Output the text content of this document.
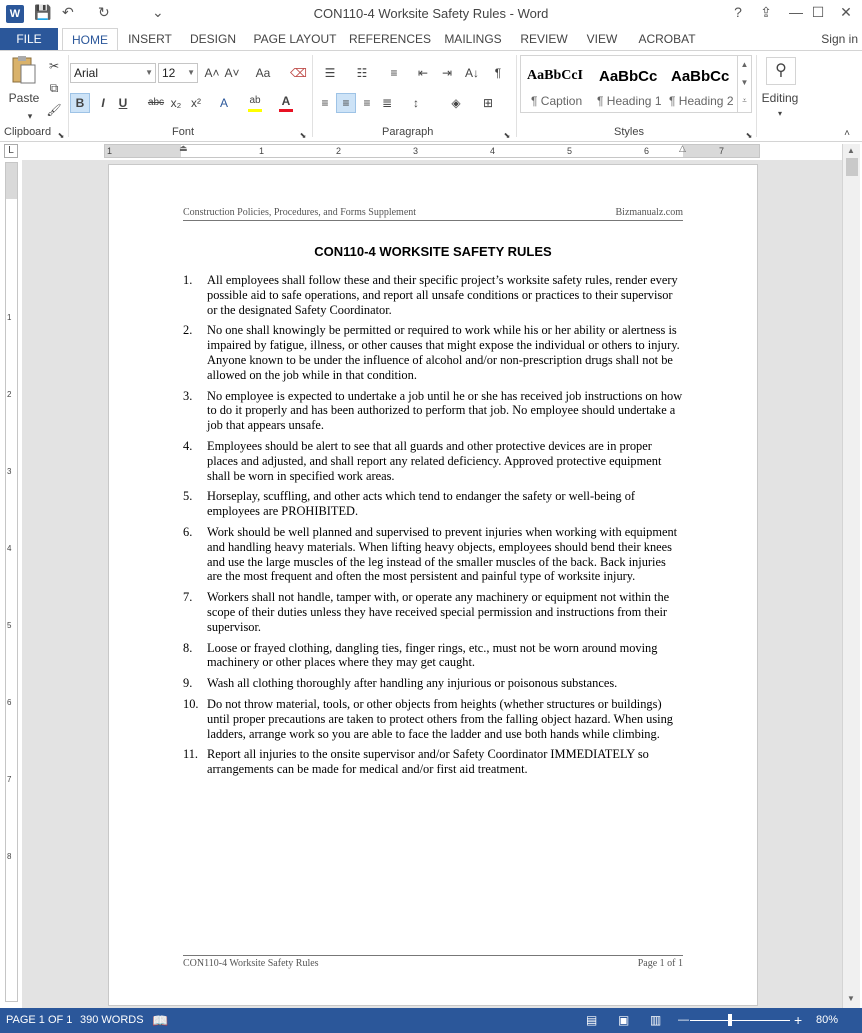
W 💾 ↶ ↻	⌄	CON110-4 Worksite Safety Rules - Word	?	⇪ — ☐ ✕
FILE	HOME	INSERT	DESIGN	PAGE LAYOUT REFERENCES	MAILINGS	REVIEW	VIEW	ACROBAT	Sign in
Paste
▾
✂
⧉
🖌
Clipboard ⬊
Arial	▼ 12 ▼ A˄ A˅	Aa	⌫
B	I	U	abc x₂ x²	A	ab	A
Font	⬊
☰	☷	≡	⇤	⇥	A↓	¶
≡	≡	≡ ≣	↕	◈	⊞
Paragraph	⬊
AaBbCcI
¶ Caption
AaBbCc
¶ Heading 1
AaBbCc
¶ Heading 2
▲
▼
⩡
Styles	⬊
⚲
Editing
▾
˄
L	1	1	2	3	4	5	6	7
⏏	△
1
2
3
4
5
6
7
8
Construction Policies, Procedures, and Forms Supplement	Bizmanualz.com
CON110-4 WORKSITE SAFETY RULES
1.	All employees shall follow these and their specific project’s worksite safety rules, render every possible aid to safe operations, and report all unsafe conditions or practices to their supervisor or the designated Safety Coordinator.
2.	No one shall knowingly be permitted or required to work while his or her ability or alertness is impaired by fatigue, illness, or other causes that might expose the individual or others to injury. Anyone known to be under the influence of alcohol and/or non-prescription drugs shall not be allowed on the job while in that condition.
3.	No employee is expected to undertake a job until he or she has received job instructions on how to do it properly and has been authorized to perform that job. No employee should undertake a job that appears unsafe.
4.	Employees should be alert to see that all guards and other protective devices are in proper places and adjusted, and shall report any related deficiency. Approved protective equipment shall be worn in specified work areas.
5.	Horseplay, scuffling, and other acts which tend to endanger the safety or well-being of employees are PROHIBITED.
6.	Work should be well planned and supervised to prevent injuries when working with equipment and handling heavy materials. When lifting heavy objects, employees should bend their knees and use the large muscles of the leg instead of the smaller muscles of the back. Back injuries are the most frequent and often the most persistent and painful type of worksite injury.
7.	Workers shall not handle, tamper with, or operate any machinery or equipment not within the scope of their duties unless they have received special permission and instructions from their supervisor.
8.	Loose or frayed clothing, dangling ties, finger rings, etc., must not be worn around moving machinery or other places where they may get caught.
9.	Wash all clothing thoroughly after handling any injurious or poisonous substances.
10. Do not throw material, tools, or other objects from heights (whether structures or buildings) until proper precautions are taken to protect others from the falling object hazard. When using ladders, arrange work so you are able to face the ladder and use both hands while climbing.
11. Report all injuries to the onsite supervisor and/or Safety Coordinator IMMEDIATELY so arrangements can be made for medical and/or first aid treatment.
CON110-4 Worksite Safety Rules	Page 1 of 1
▲
▼
PAGE 1 OF 1 390 WORDS 📖	▤ ▣ ▥ —	+ 80%
